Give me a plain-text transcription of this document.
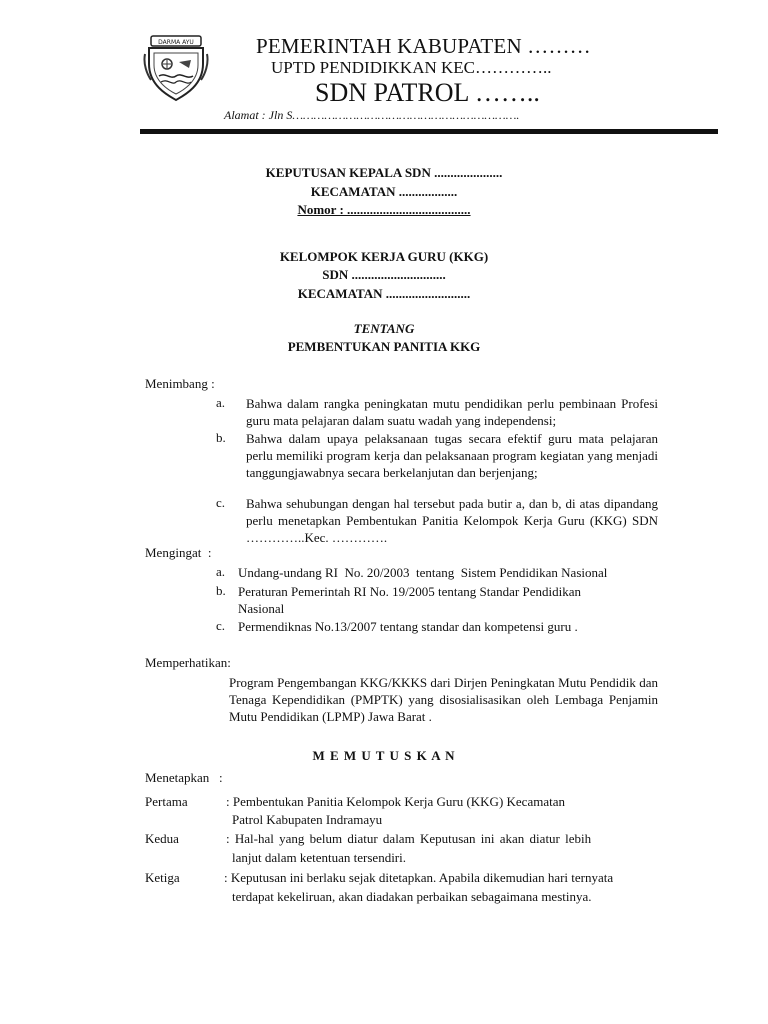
DARMA AYU	PEMERINTAH KABUPATEN ………
UPTD PENDIDIKKAN KEC…………..
SDN PATROL ……..
Alamat : Jln S……………………………………………………….
KEPUTUSAN KEPALA SDN .....................
KECAMATAN ..................
Nomor : ......................................
KELOMPOK KERJA GURU (KKG)
SDN .............................
KECAMATAN ..........................
TENTANG
PEMBENTUKAN PANITIA KKG
Menimbang :
a. Bahwa dalam rangka peningkatan mutu pendidikan perlu pembinaan Profesi guru mata pelajaran dalam suatu wadah yang independensi;
b. Bahwa dalam upaya pelaksanaan tugas secara efektif guru mata pelajaran perlu memiliki program kerja dan pelaksanaan program kegiatan yang menjadi tanggungjawabnya secara berkelanjutan dan berjenjang;
c. Bahwa sehubungan dengan hal tersebut pada butir a, dan b, di atas dipandang perlu menetapkan Pembentukan Panitia Kelompok Kerja Guru (KKG) SDN …………..Kec. ………….
Mengingat  :
a. Undang-undang RI  No. 20/2003  tentang  Sistem Pendidikan Nasional
b. Peraturan Pemerintah RI No. 19/2005 tentang Standar Pendidikan Nasional
c. Permendiknas No.13/2007 tentang standar dan kompetensi guru .
Memperhatikan:
Program Pengembangan KKG/KKKS dari Dirjen Peningkatan Mutu Pendidik dan Tenaga Kependidikan (PMPTK) yang disosialisasikan oleh Lembaga Penjamin Mutu Pendidikan (LPMP) Jawa Barat .
M E M U T U S K A N
Menetapkan   :
Pertama	: Pembentukan Panitia Kelompok Kerja Guru (KKG) Kecamatan
Patrol Kabupaten Indramayu
Kedua	: Hal-hal yang belum diatur dalam Keputusan ini akan diatur lebih
lanjut dalam ketentuan tersendiri.
Ketiga	: Keputusan ini berlaku sejak ditetapkan. Apabila dikemudian hari ternyata
terdapat kekeliruan, akan diadakan perbaikan sebagaimana mestinya.
